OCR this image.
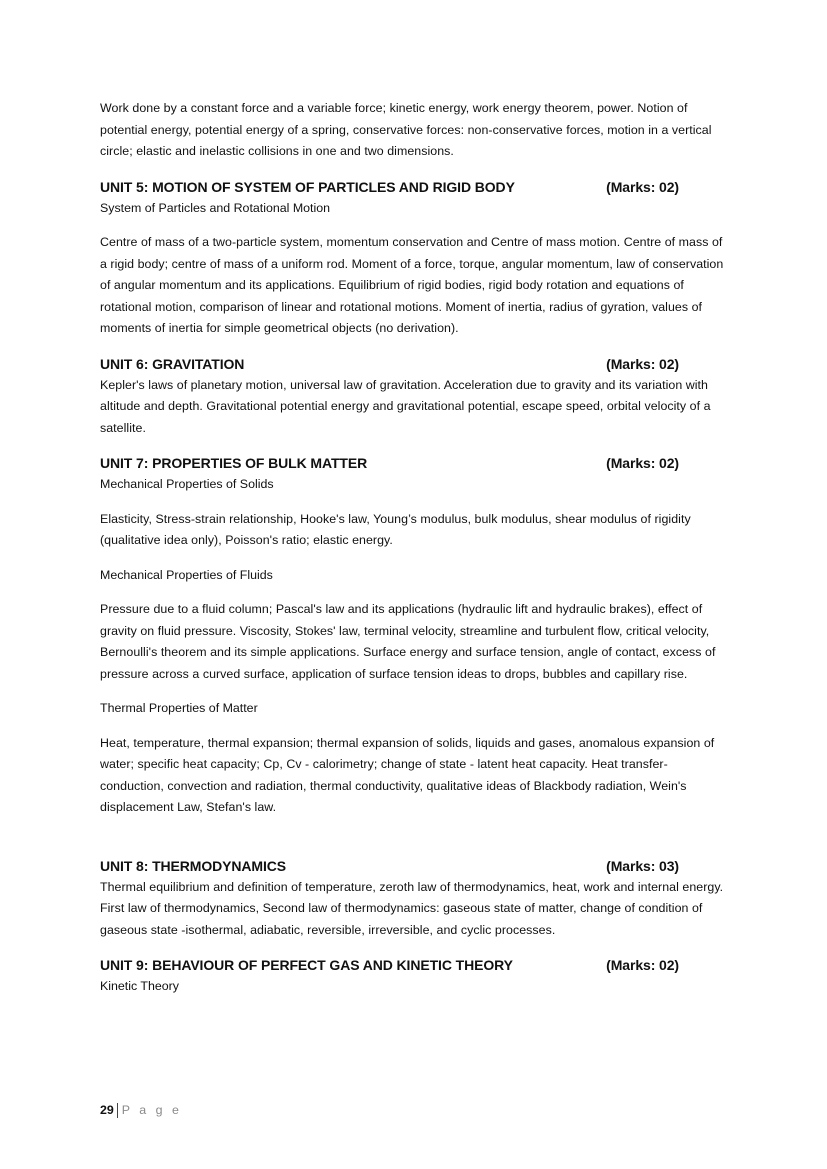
Work done by a constant force and a variable force; kinetic energy, work energy theorem, power. Notion of potential energy, potential energy of a spring, conservative forces: non-conservative forces, motion in a vertical circle; elastic and inelastic collisions in one and two dimensions.

UNIT 5: MOTION OF SYSTEM OF PARTICLES AND RIGID BODY	(Marks: 02)

System of Particles and Rotational Motion

Centre of mass of a two-particle system, momentum conservation and Centre of mass motion. Centre of mass of a rigid body; centre of mass of a uniform rod. Moment of a force, torque, angular momentum, law of conservation of angular momentum and its applications. Equilibrium of rigid bodies, rigid body rotation and equations of rotational motion, comparison of linear and rotational motions. Moment of inertia, radius of gyration, values of moments of inertia for simple geometrical objects (no derivation).

UNIT 6: GRAVITATION	(Marks: 02)

Kepler's laws of planetary motion, universal law of gravitation. Acceleration due to gravity and its variation with altitude and depth. Gravitational potential energy and gravitational potential, escape speed, orbital velocity of a satellite.

UNIT 7: PROPERTIES OF BULK MATTER	(Marks: 02)

Mechanical Properties of Solids

Elasticity, Stress-strain relationship, Hooke's law, Young’s modulus, bulk modulus, shear modulus of rigidity (qualitative idea only), Poisson's ratio; elastic energy.

Mechanical Properties of Fluids

Pressure due to a fluid column; Pascal's law and its applications (hydraulic lift and hydraulic brakes), effect of gravity on fluid pressure. Viscosity, Stokes' law, terminal velocity, streamline and turbulent flow, critical velocity, Bernoulli's theorem and its simple applications. Surface energy and surface tension, angle of contact, excess of pressure across a curved surface, application of surface tension ideas to drops, bubbles and capillary rise.

Thermal Properties of Matter

Heat, temperature, thermal expansion; thermal expansion of solids, liquids and gases, anomalous expansion of water; specific heat capacity; Cp, Cv - calorimetry; change of state - latent heat capacity. Heat transfer-conduction, convection and radiation, thermal conductivity, qualitative ideas of Blackbody radiation, Wein's displacement Law, Stefan's law.

UNIT 8: THERMODYNAMICS	(Marks: 03)

Thermal equilibrium and definition of temperature, zeroth law of thermodynamics, heat, work and internal energy. First law of thermodynamics, Second law of thermodynamics: gaseous state of matter, change of condition of gaseous state -isothermal, adiabatic, reversible, irreversible, and cyclic processes.

UNIT 9: BEHAVIOUR OF PERFECT GAS AND KINETIC THEORY	(Marks: 02)

Kinetic Theory

29 P a g e
